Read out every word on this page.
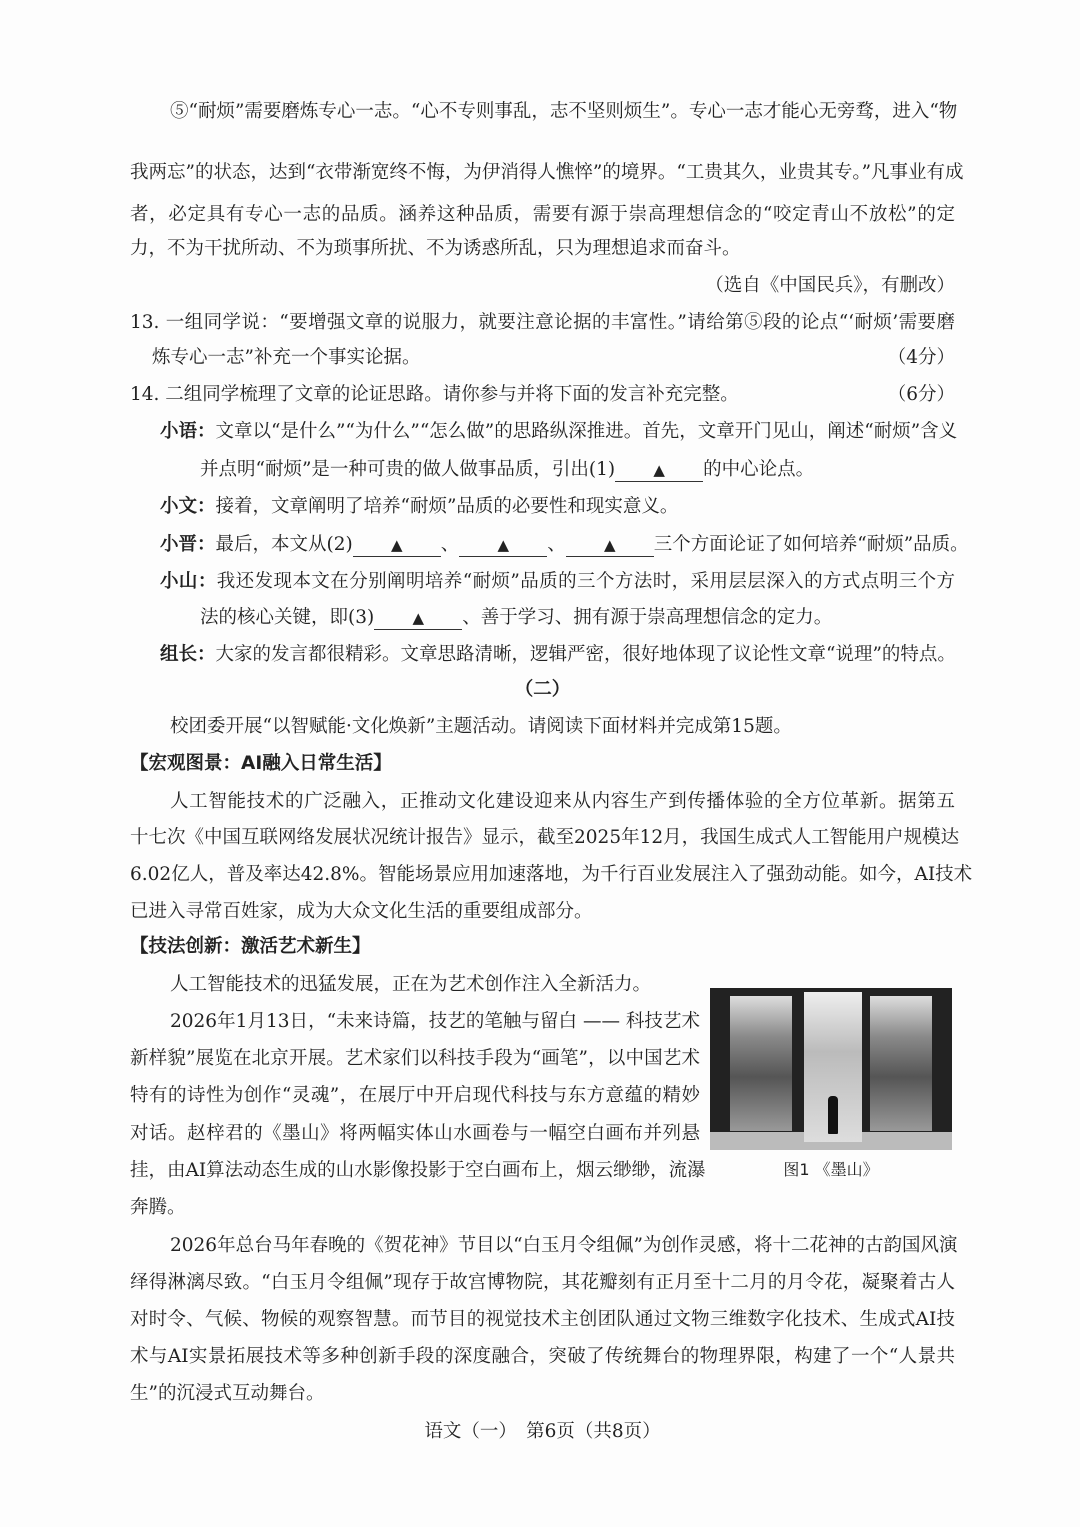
⑤“耐烦”需要磨炼专心一志。“心不专则事乱，志不坚则烦生”。专心一志才能心无旁骛，进入“物
我两忘”的状态，达到“衣带渐宽终不悔，为伊消得人憔悴”的境界。“工贵其久，业贵其专。”凡事业有成
者，必定具有专心一志的品质。涵养这种品质，需要有源于崇高理想信念的“咬定青山不放松”的定
力，不为干扰所动、不为琐事所扰、不为诱惑所乱，只为理想追求而奋斗。
（选自《中国民兵》，有删改）
13. 一组同学说：“要增强文章的说服力，就要注意论据的丰富性。”请给第⑤段的论点“‘耐烦’需要磨
炼专心一志”补充一个事实论据。	（4分）
14. 二组同学梳理了文章的论证思路。请你参与并将下面的发言补充完整。	（6分）
小语：文章以“是什么”“为什么”“怎么做”的思路纵深推进。首先，文章开门见山，阐述“耐烦”含义
并点明“耐烦”是一种可贵的做人做事品质，引出(1)	▲ 的中心论点。
小文：接着，文章阐明了培养“耐烦”品质的必要性和现实意义。
小晋：最后，本文从(2)	▲ 、	▲ 、	▲ 三个方面论证了如何培养“耐烦”品质。
小山：我还发现本文在分别阐明培养“耐烦”品质的三个方法时，采用层层深入的方式点明三个方
法的核心关键，即(3)	▲ 、善于学习、拥有源于崇高理想信念的定力。
组长：大家的发言都很精彩。文章思路清晰，逻辑严密，很好地体现了议论性文章“说理”的特点。
（二）
校团委开展“以智赋能·文化焕新”主题活动。请阅读下面材料并完成第15题。
【宏观图景：AI融入日常生活】
人工智能技术的广泛融入，正推动文化建设迎来从内容生产到传播体验的全方位革新。据第五
十七次《中国互联网络发展状况统计报告》显示，截至2025年12月，我国生成式人工智能用户规模达
6.02亿人，普及率达42.8%。智能场景应用加速落地，为千行百业发展注入了强劲动能。如今，AI技术
已进入寻常百姓家，成为大众文化生活的重要组成部分。
【技法创新：激活艺术新生】
人工智能技术的迅猛发展，正在为艺术创作注入全新活力。
2026年1月13日，“未来诗篇，技艺的笔触与留白 —— 科技艺术
新样貌”展览在北京开展。艺术家们以科技手段为“画笔”，以中国艺术
特有的诗性为创作“灵魂”，在展厅中开启现代科技与东方意蕴的精妙
对话。赵梓君的《墨山》将两幅实体山水画卷与一幅空白画布并列悬
挂，由AI算法动态生成的山水影像投影于空白画布上，烟云缈缈，流瀑
奔腾。
图1 《墨山》
2026年总台马年春晚的《贺花神》节目以“白玉月令组佩”为创作灵感，将十二花神的古韵国风演
绎得淋漓尽致。“白玉月令组佩”现存于故宫博物院，其花瓣刻有正月至十二月的月令花，凝聚着古人
对时令、气候、物候的观察智慧。而节目的视觉技术主创团队通过文物三维数字化技术、生成式AI技
术与AI实景拓展技术等多种创新手段的深度融合，突破了传统舞台的物理界限，构建了一个“人景共
生”的沉浸式互动舞台。
语文（一）　第6页（共8页）
